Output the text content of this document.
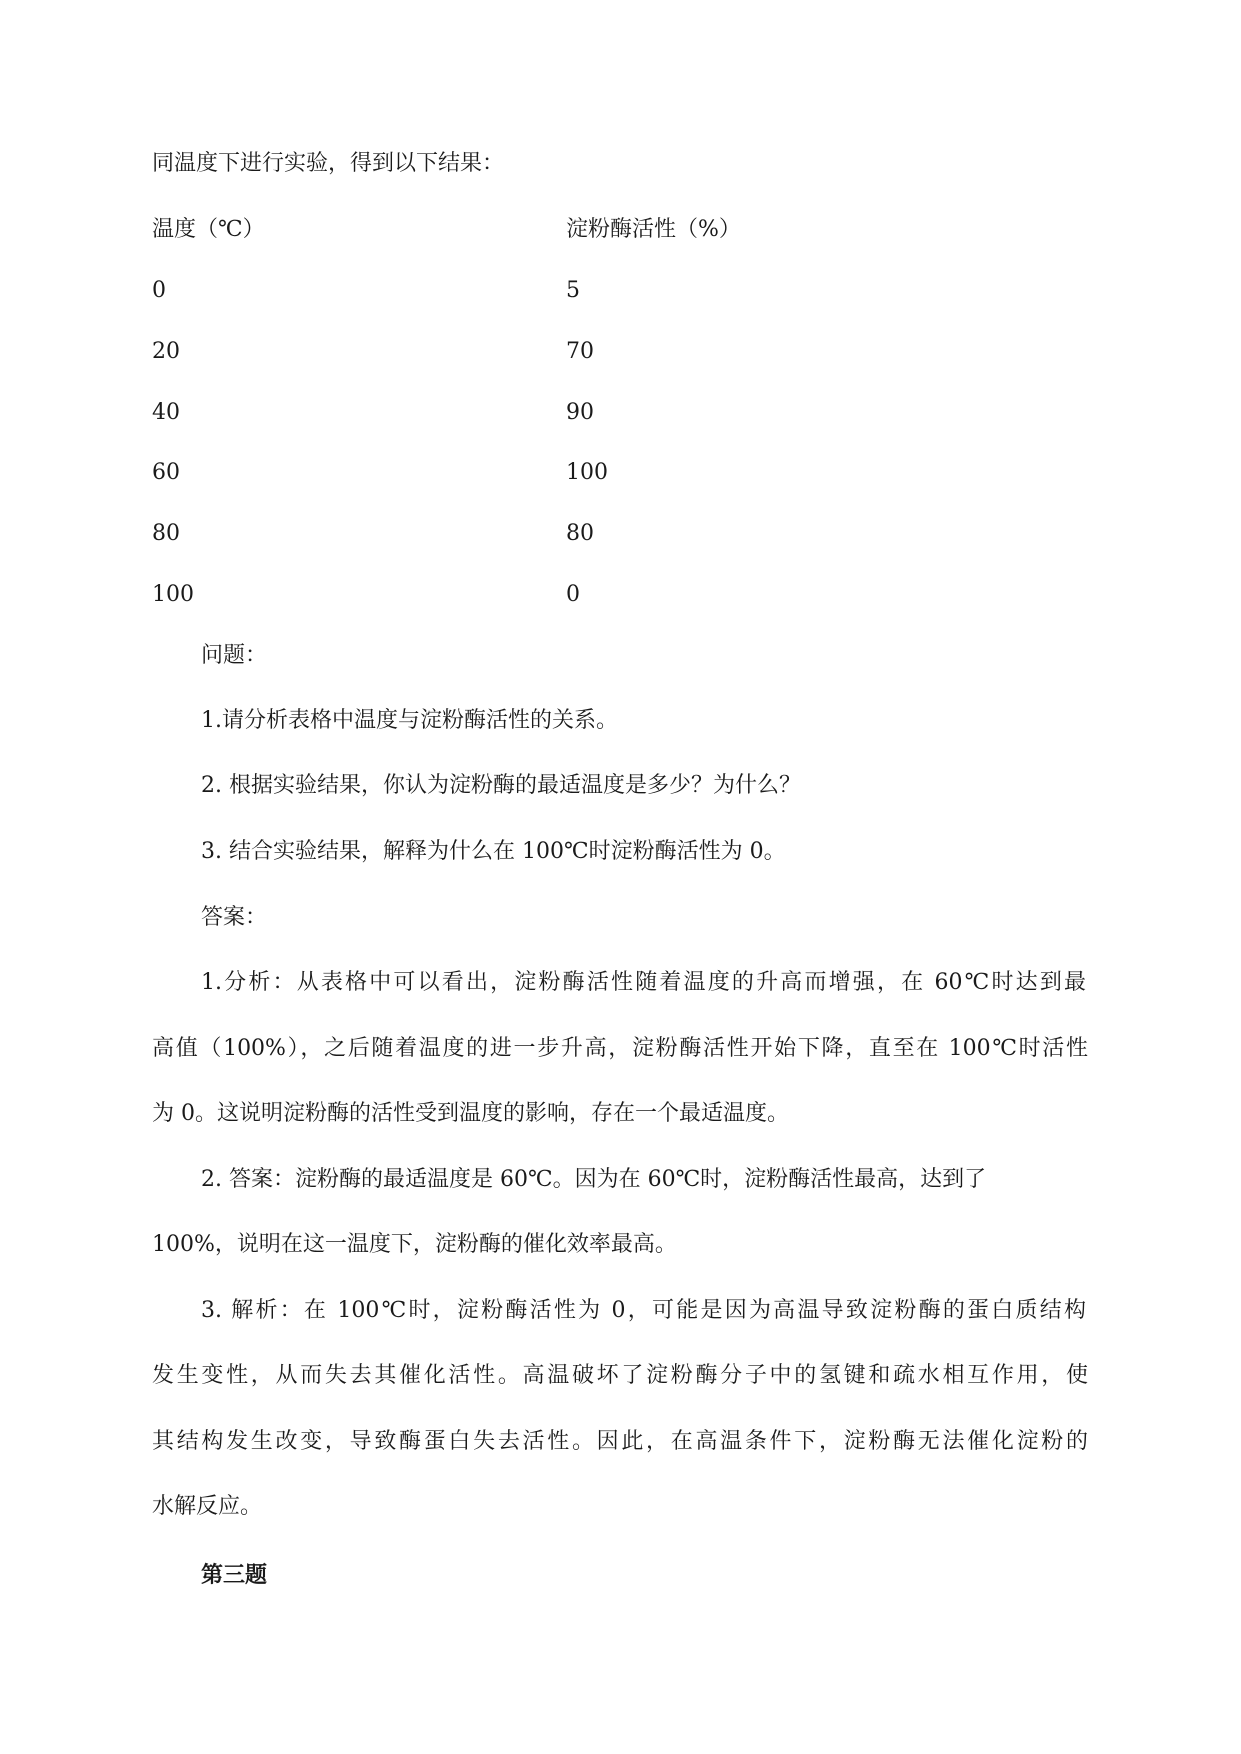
同温度下进行实验，得到以下结果：
温度（℃）	淀粉酶活性（%）
0	5
20	70
40	90
60	100
80	80
100	0
问题：
1.请分析表格中温度与淀粉酶活性的关系。
2. 根据实验结果，你认为淀粉酶的最适温度是多少？为什么？
3. 结合实验结果，解释为什么在 100℃时淀粉酶活性为 0。
答案：
1.分析：从表格中可以看出，淀粉酶活性随着温度的升高而增强，在 60℃时达到最
高值（100%），之后随着温度的进一步升高，淀粉酶活性开始下降，直至在 100℃时活性
为 0。这说明淀粉酶的活性受到温度的影响，存在一个最适温度。
2. 答案：淀粉酶的最适温度是 60℃。因为在 60℃时，淀粉酶活性最高，达到了
100%，说明在这一温度下，淀粉酶的催化效率最高。
3. 解析：在 100℃时，淀粉酶活性为 0，可能是因为高温导致淀粉酶的蛋白质结构
发生变性，从而失去其催化活性。高温破坏了淀粉酶分子中的氢键和疏水相互作用，使
其结构发生改变，导致酶蛋白失去活性。因此，在高温条件下，淀粉酶无法催化淀粉的
水解反应。
第三题
